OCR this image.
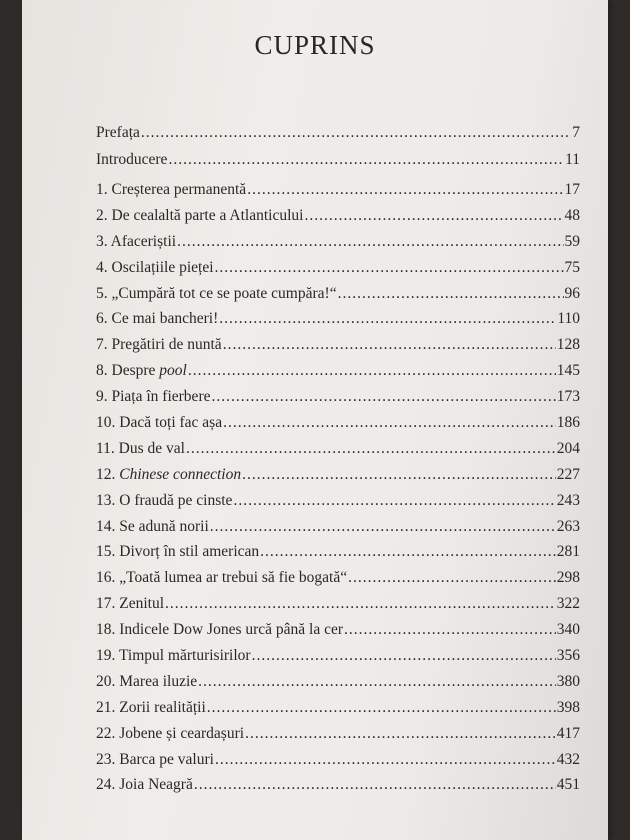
CUPRINS
Prefața .....	7
Introducere .....	11
1. Creșterea permanentă .....	17
2. De cealaltă parte a Atlanticului .....	48
3. Afaceriștii .....	59
4. Oscilațiile pieței .....	75
5. „Cumpără tot ce se poate cumpăra!“ .....	96
6. Ce mai bancheri! .....	110
7. Pregătiri de nuntă .....	128
8. Despre pool .....	145
9. Piața în fierbere .....	173
10. Dacă toți fac așa .....	186
11. Dus de val .....	204
12. Chinese connection .....	227
13. O fraudă pe cinste .....	243
14. Se adună norii .....	263
15. Divorț în stil american .....	281
16. „Toată lumea ar trebui să fie bogată“ .....	298
17. Zenitul .....	322
18. Indicele Dow Jones urcă până la cer .....	340
19. Timpul mărturisirilor .....	356
20. Marea iluzie .....	380
21. Zorii realității .....	398
22. Jobene și ceardașuri .....	417
23. Barca pe valuri .....	432
24. Joia Neagră .....	451
